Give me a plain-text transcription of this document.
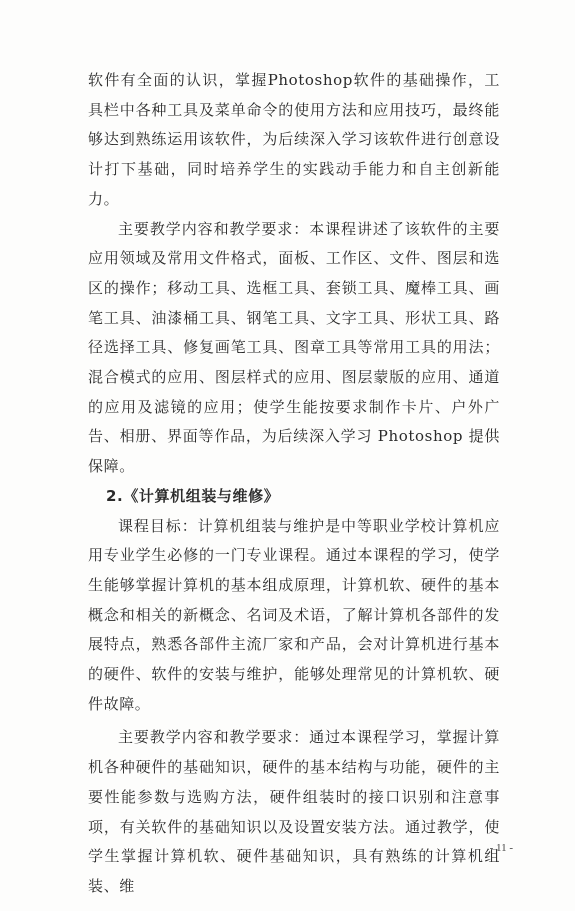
软件有全面的认识，掌握Photoshop软件的基础操作，工具栏中各种工具及菜单命令的使用方法和应用技巧，最终能够达到熟练运用该软件，为后续深入学习该软件进行创意设计打下基础，同时培养学生的实践动手能力和自主创新能力。

主要教学内容和教学要求：本课程讲述了该软件的主要应用领域及常用文件格式，面板、工作区、文件、图层和选区的操作；移动工具、选框工具、套锁工具、魔棒工具、画笔工具、油漆桶工具、钢笔工具、文字工具、形状工具、路径选择工具、修复画笔工具、图章工具等常用工具的用法；混合模式的应用、图层样式的应用、图层蒙版的应用、通道的应用及滤镜的应用；使学生能按要求制作卡片、户外广告、相册、界面等作品，为后续深入学习 Photoshop 提供保障。

2.《计算机组装与维修》

课程目标：计算机组装与维护是中等职业学校计算机应用专业学生必修的一门专业课程。通过本课程的学习，使学生能够掌握计算机的基本组成原理，计算机软、硬件的基本概念和相关的新概念、名词及术语，了解计算机各部件的发展特点，熟悉各部件主流厂家和产品，会对计算机进行基本的硬件、软件的安装与维护，能够处理常见的计算机软、硬件故障。

主要教学内容和教学要求：通过本课程学习，掌握计算机各种硬件的基础知识，硬件的基本结构与功能，硬件的主要性能参数与选购方法，硬件组装时的接口识别和注意事项，有关软件的基础知识以及设置安装方法。通过教学，使学生掌握计算机软、硬件基础知识，具有熟练的计算机组装、维

- 11 -
